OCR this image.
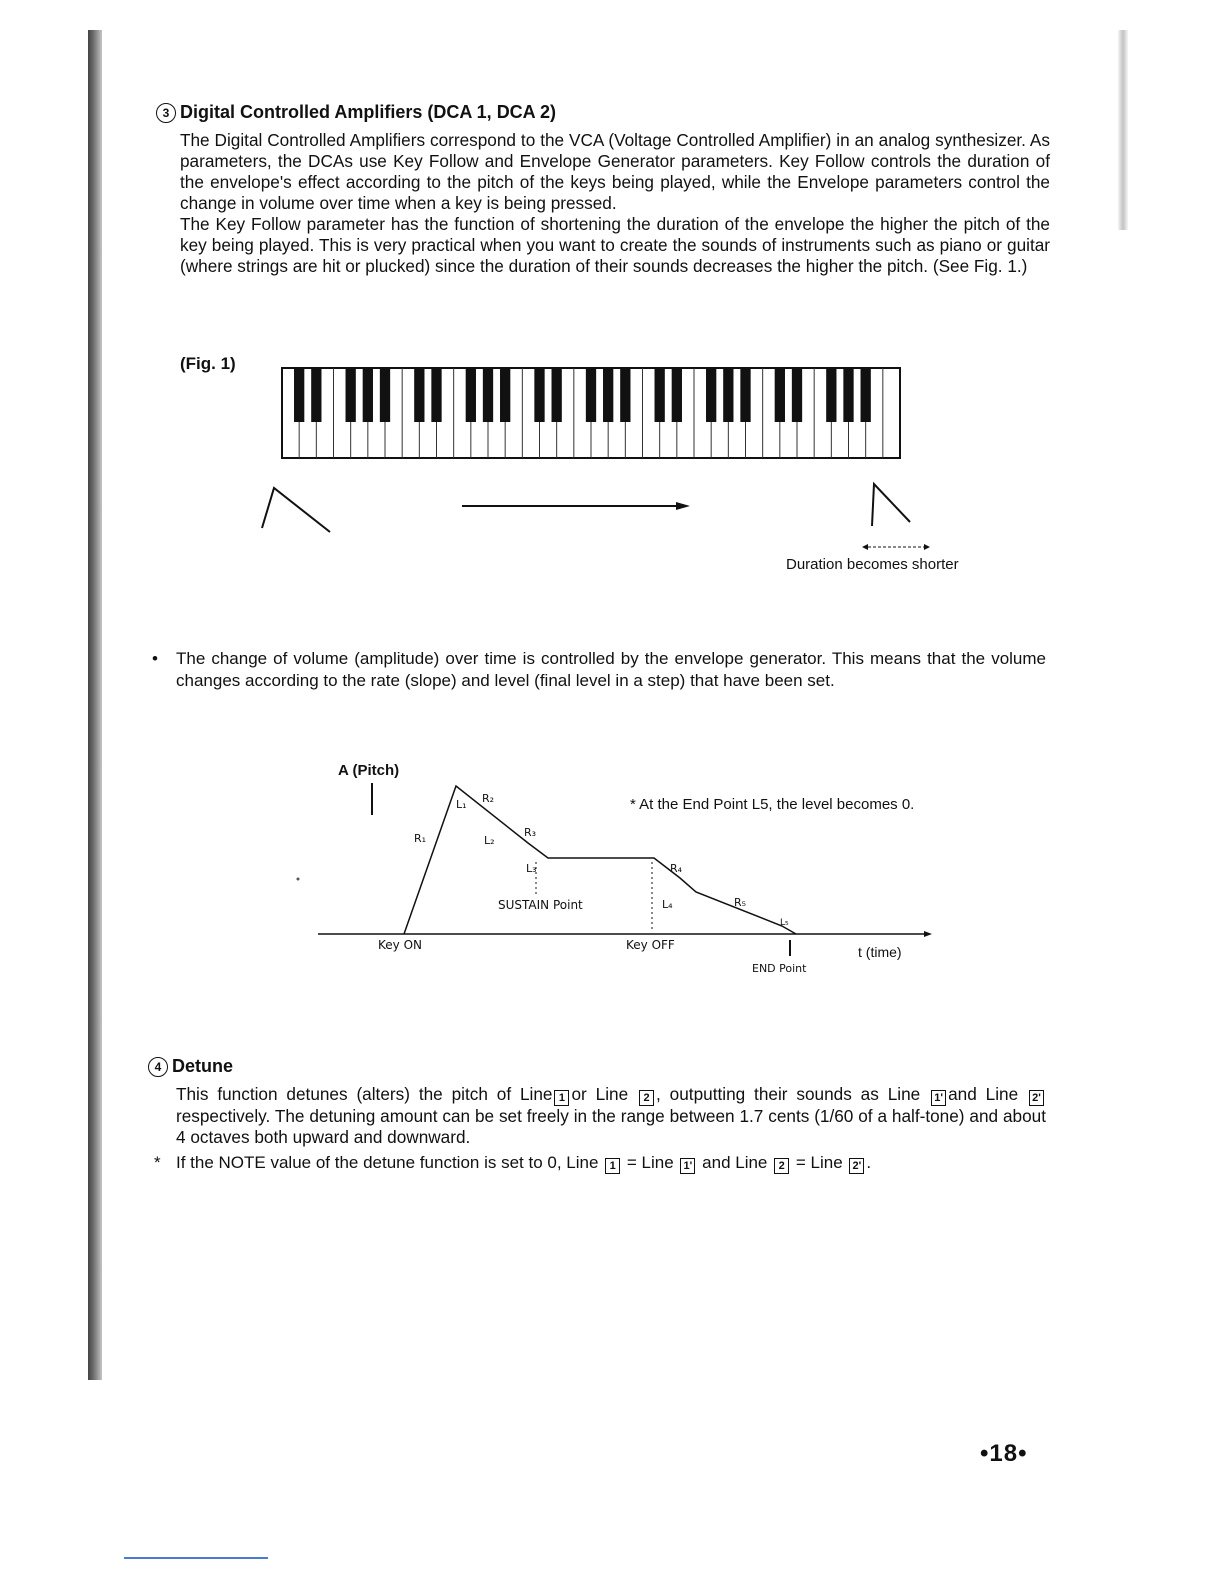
3 Digital Controlled Amplifiers (DCA 1, DCA 2)

The Digital Controlled Amplifiers correspond to the VCA (Voltage Controlled Amplifier) in an analog synthesizer. As parameters, the DCAs use Key Follow and Envelope Generator parameters. Key Follow controls the duration of the envelope's effect according to the pitch of the keys being played, while the Envelope parameters control the change in volume over time when a key is being pressed.

The Key Follow parameter has the function of shortening the duration of the envelope the higher the pitch of the key being played. This is very practical when you want to create the sounds of instruments such as piano or guitar (where strings are hit or plucked) since the duration of their sounds decreases the higher the pitch. (See Fig. 1.)

(Fig. 1)
Duration becomes shorter
• The change of volume (amplitude) over time is controlled by the envelope generator. This means that the volume changes according to the rate (slope) and level (final level in a step) that have been set.
A (Pitch)
* At the End Point L5, the level becomes 0.
R₁
L₁ R₂
L₂
R₃
L₃	R₄
L₄	R₅
L₅
SUSTAIN Point
Key ON	Key OFF
END Point
t (time)
4 Detune
This function detunes (alters) the pitch of Line 1 or Line 2 , outputting their sounds as Line 1' and Line 2'respectively. The detuning amount can be set freely in the range between 1.7 cents (1/60 of a half-tone) and about 4 octaves both upward and downward.
* If the NOTE value of the detune function is set to 0, Line 1 = Line 1' and Line 2 = Line 2' .
•18•
